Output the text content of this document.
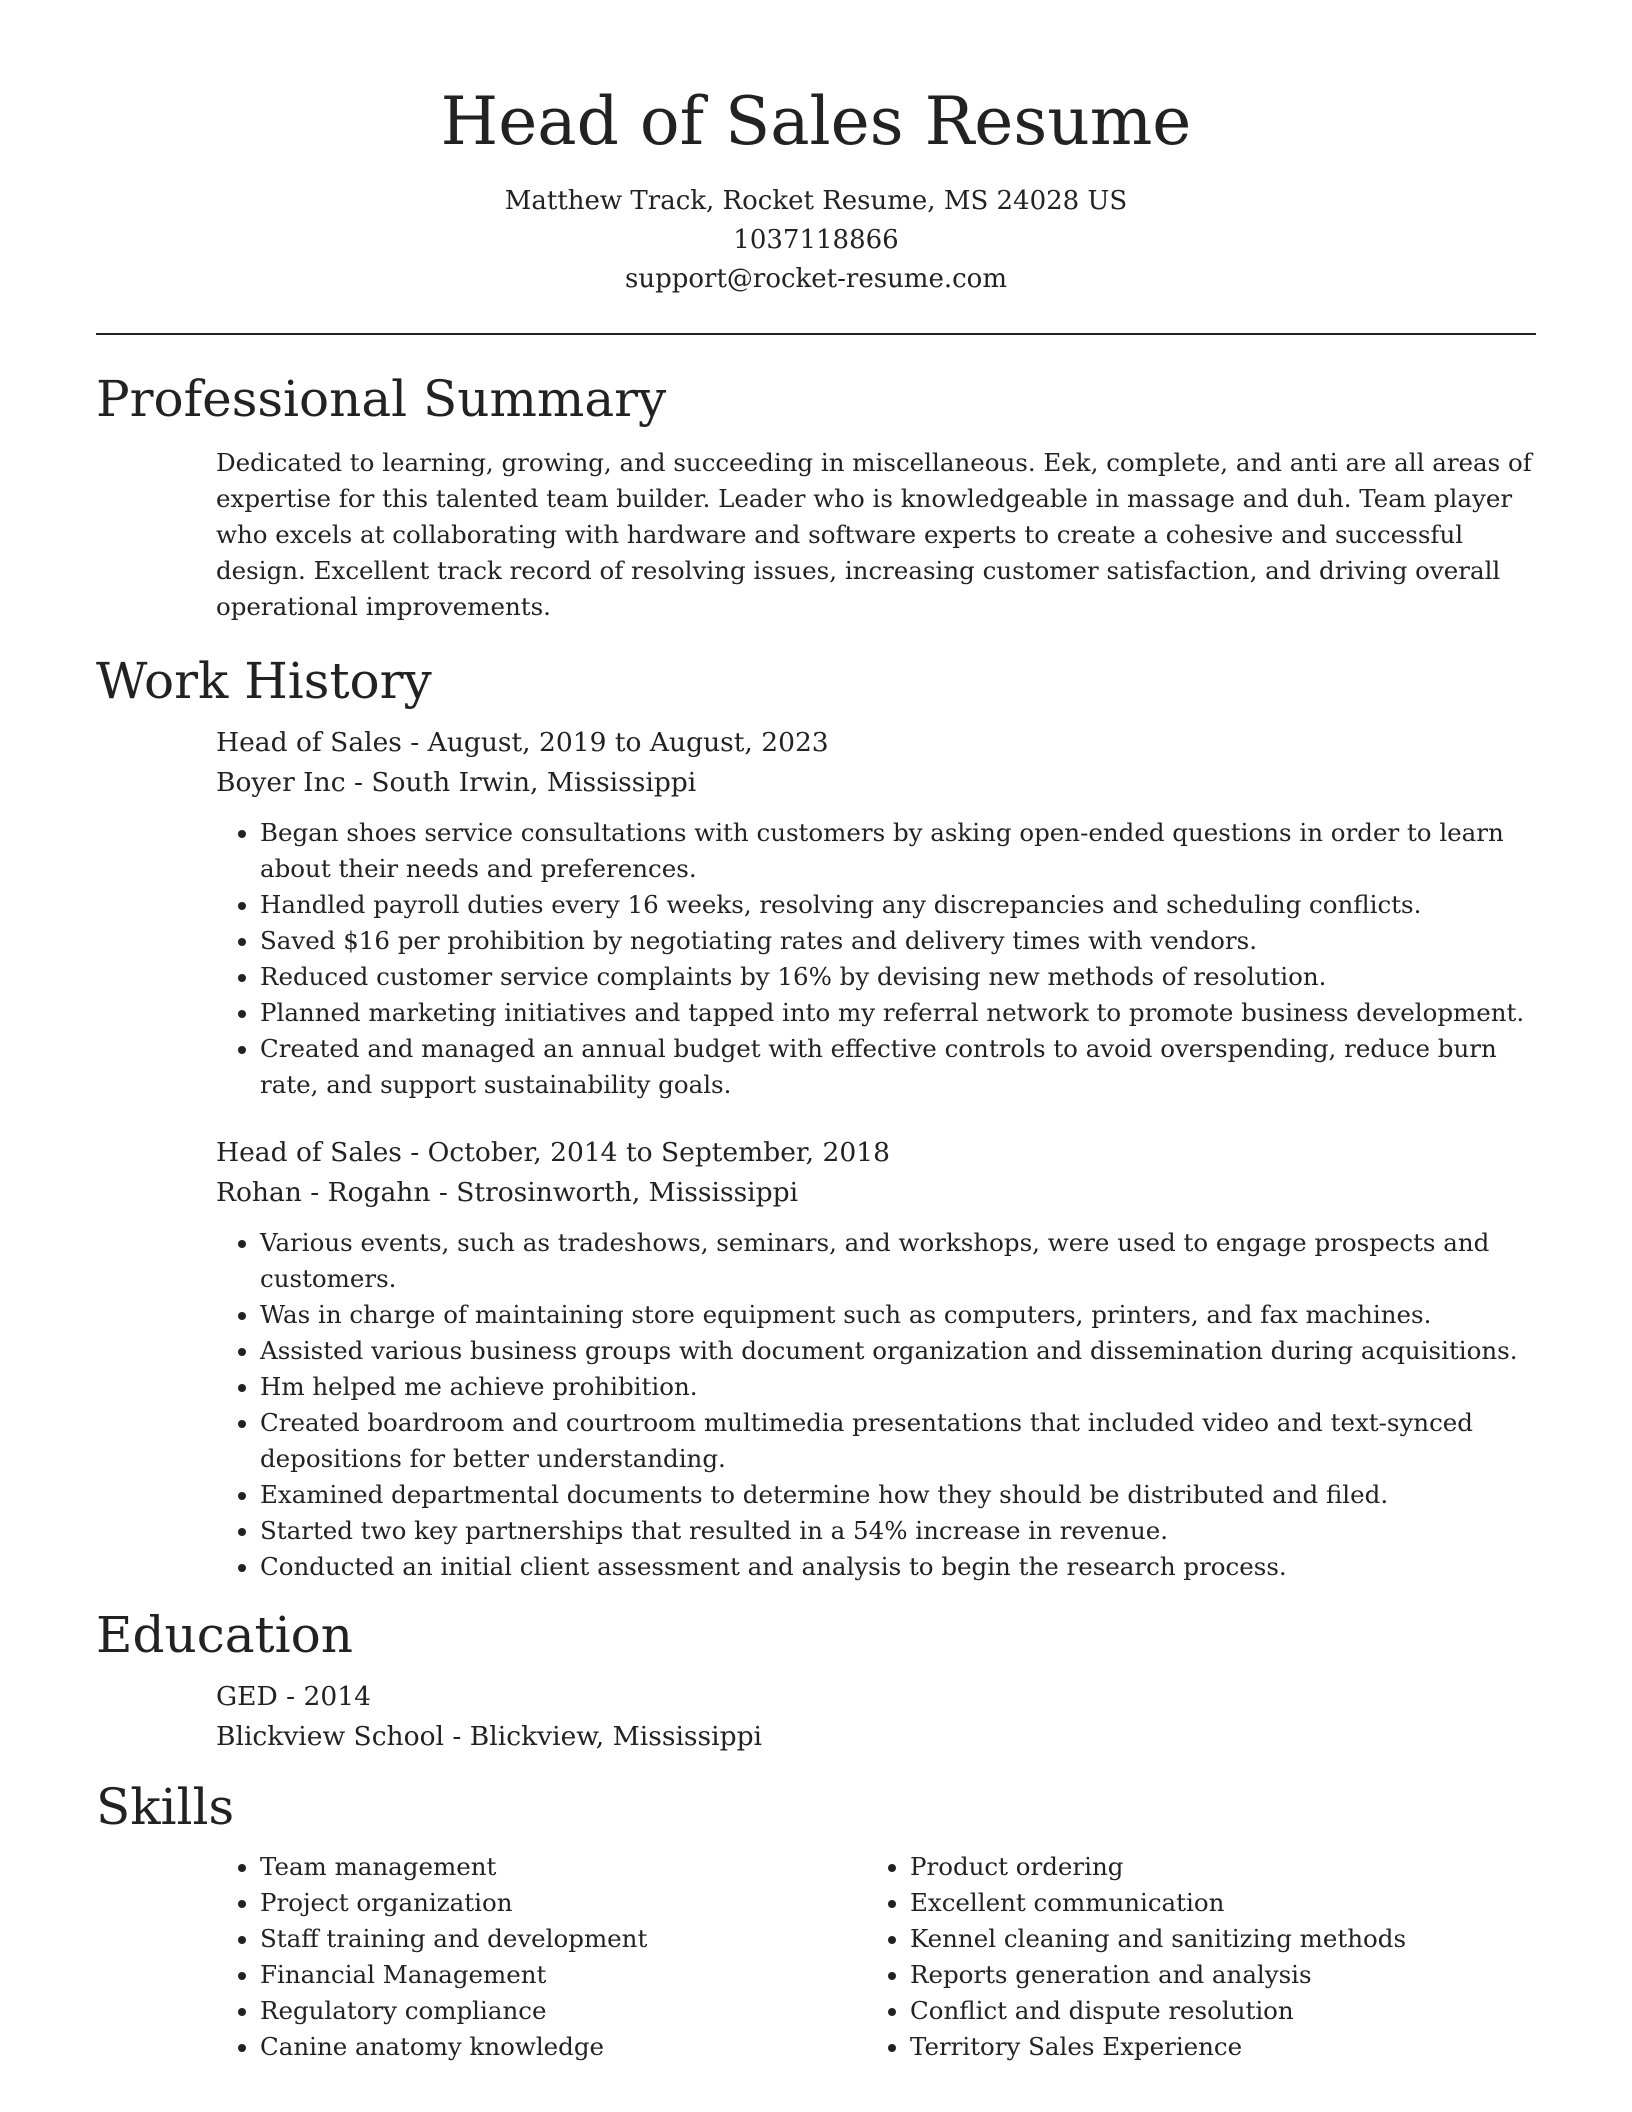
Head of Sales Resume
Matthew Track, Rocket Resume, MS 24028 US
1037118866
support@rocket-resume.com
Professional Summary
Dedicated to learning, growing, and succeeding in miscellaneous. Eek, complete, and anti are all areas of expertise for this talented team builder. Leader who is knowledgeable in massage and duh. Team player who excels at collaborating with hardware and software experts to create a cohesive and successful design. Excellent track record of resolving issues, increasing customer satisfaction, and driving overall operational improvements.
Work History
Head of Sales - August, 2019 to August, 2023
Boyer Inc - South Irwin, Mississippi
• Began shoes service consultations with customers by asking open-ended questions in order to learn about their needs and preferences.
• Handled payroll duties every 16 weeks, resolving any discrepancies and scheduling conflicts.
• Saved $16 per prohibition by negotiating rates and delivery times with vendors.
• Reduced customer service complaints by 16% by devising new methods of resolution.
• Planned marketing initiatives and tapped into my referral network to promote business development.
• Created and managed an annual budget with effective controls to avoid overspending, reduce burn rate, and support sustainability goals.
Head of Sales - October, 2014 to September, 2018
Rohan - Rogahn - Strosinworth, Mississippi
• Various events, such as tradeshows, seminars, and workshops, were used to engage prospects and customers.
• Was in charge of maintaining store equipment such as computers, printers, and fax machines.
• Assisted various business groups with document organization and dissemination during acquisitions.
• Hm helped me achieve prohibition.
• Created boardroom and courtroom multimedia presentations that included video and text-synced depositions for better understanding.
• Examined departmental documents to determine how they should be distributed and filed.
• Started two key partnerships that resulted in a 54% increase in revenue.
• Conducted an initial client assessment and analysis to begin the research process.
Education
GED - 2014
Blickview School - Blickview, Mississippi
Skills
• Team management
• Project organization
• Staff training and development
• Financial Management
• Regulatory compliance
• Canine anatomy knowledge
• Product ordering
• Excellent communication
• Kennel cleaning and sanitizing methods
• Reports generation and analysis
• Conflict and dispute resolution
• Territory Sales Experience
